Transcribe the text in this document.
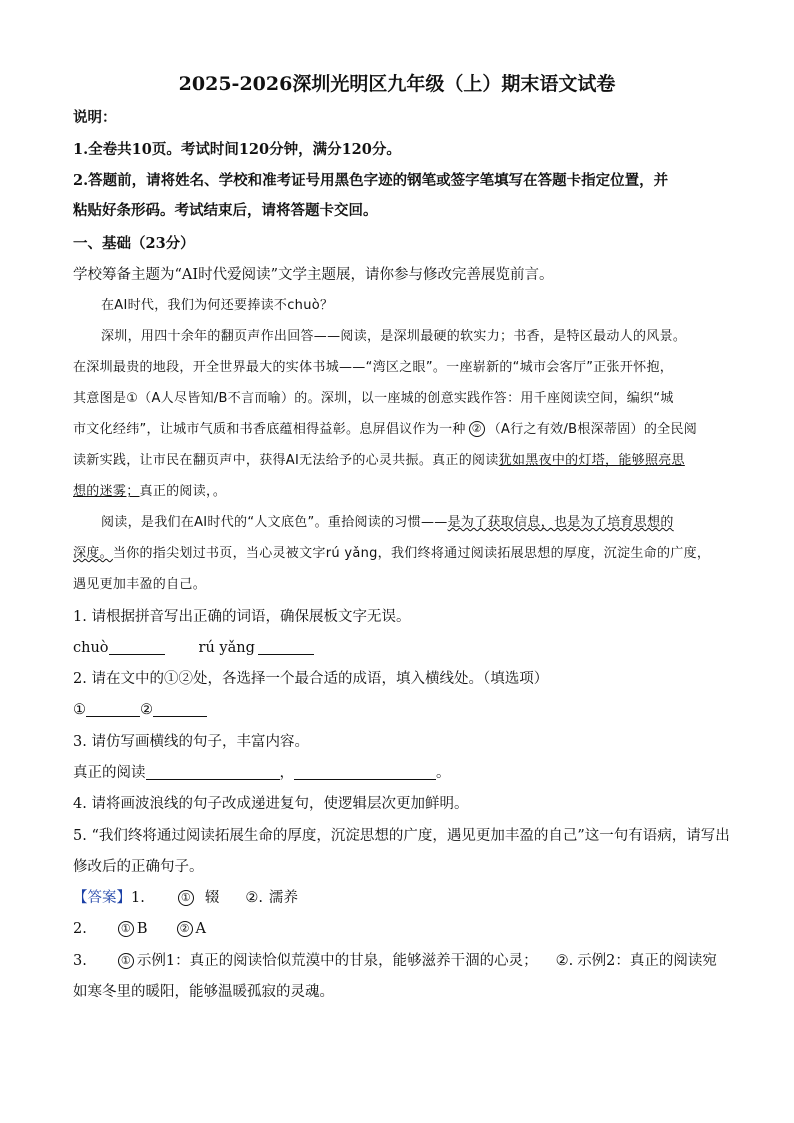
2025-2026深圳光明区九年级（上）期末语文试卷
说明：
1.全卷共10页。考试时间120分钟，满分120分。
2.答题前，请将姓名、学校和准考证号用黑色字迹的钢笔或签字笔填写在答题卡指定位置，并
粘贴好条形码。考试结束后，请将答题卡交回。
一、基础（23分）
学校筹备主题为“AI时代爱阅读”文学主题展，请你参与修改完善展览前言。
在AI时代，我们为何还要捧读不chuò？
深圳，用四十余年的翻页声作出回答——阅读，是深圳最硬的软实力；书香，是特区最动人的风景。
在深圳最贵的地段，开全世界最大的实体书城——“湾区之眼”。一座崭新的“城市会客厅”正张开怀抱，
其意图是①（A人尽皆知/B不言而喻）的。深圳，以一座城的创意实践作答：用千座阅读空间，编织“城
市文化经纬”，让城市气质和书香底蕴相得益彰。息屏倡议作为一种 ② （A行之有效/B根深蒂固）的全民阅
读新实践，让市民在翻页声中，获得AI无法给予的心灵共振。真正的阅读犹如黑夜中的灯塔，能够照亮思
想的迷雾；真正的阅读，。
阅读，是我们在AI时代的“人文底色”。重拾阅读的习惯——是为了获取信息，也是为了培育思想的
深度。当你的指尖划过书页，当心灵被文字rú yǎng，我们终将通过阅读拓展思想的厚度，沉淀生命的广度，
遇见更加丰盈的自己。
1. 请根据拼音写出正确的词语，确保展板文字无误。
chuò	rú yǎng
2. 请在文中的①②处，各选择一个最合适的成语，填入横线处。（填选项）
①	②
3. 请仿写画横线的句子，丰富内容。
真正的阅读	，	。
4. 请将画波浪线的句子改成递进复句，使逻辑层次更加鲜明。
5. “我们终将通过阅读拓展生命的厚度，沉淀思想的广度，遇见更加丰盈的自己”这一句有语病，请写出
修改后的正确句子。
【答案】1.	① 辍 ②. 濡养
2.	① B	② A
3.	① 示例1：真正的阅读恰似荒漠中的甘泉，能够滋养干涸的心灵； ②. 示例2：真正的阅读宛
如寒冬里的暖阳，能够温暖孤寂的灵魂。
